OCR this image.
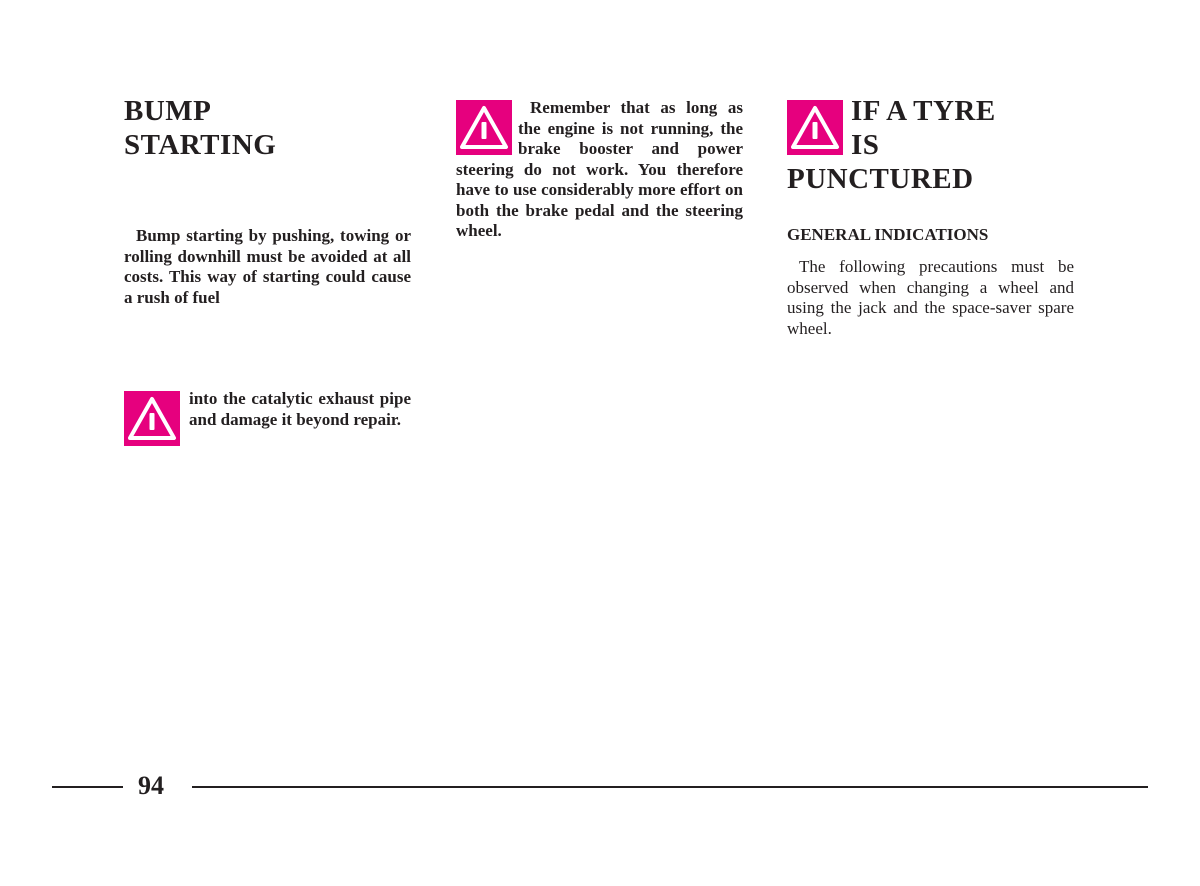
BUMP
STARTING

Bump starting by pushing, towing or rolling downhill must be avoided at all costs. This way of starting could cause a rush of fuel

into the catalytic exhaust pipe and damage it beyond repair.

Remember that as long as the engine is not running, the brake booster and power steering do not work. You therefore have to use considerably more effort on both the brake pedal and the steering wheel.

IF A TYRE
IS
PUNCTURED
GENERAL INDICATIONS

The following precautions must be observed when changing a wheel and using the jack and the space-saver spare wheel.

94
